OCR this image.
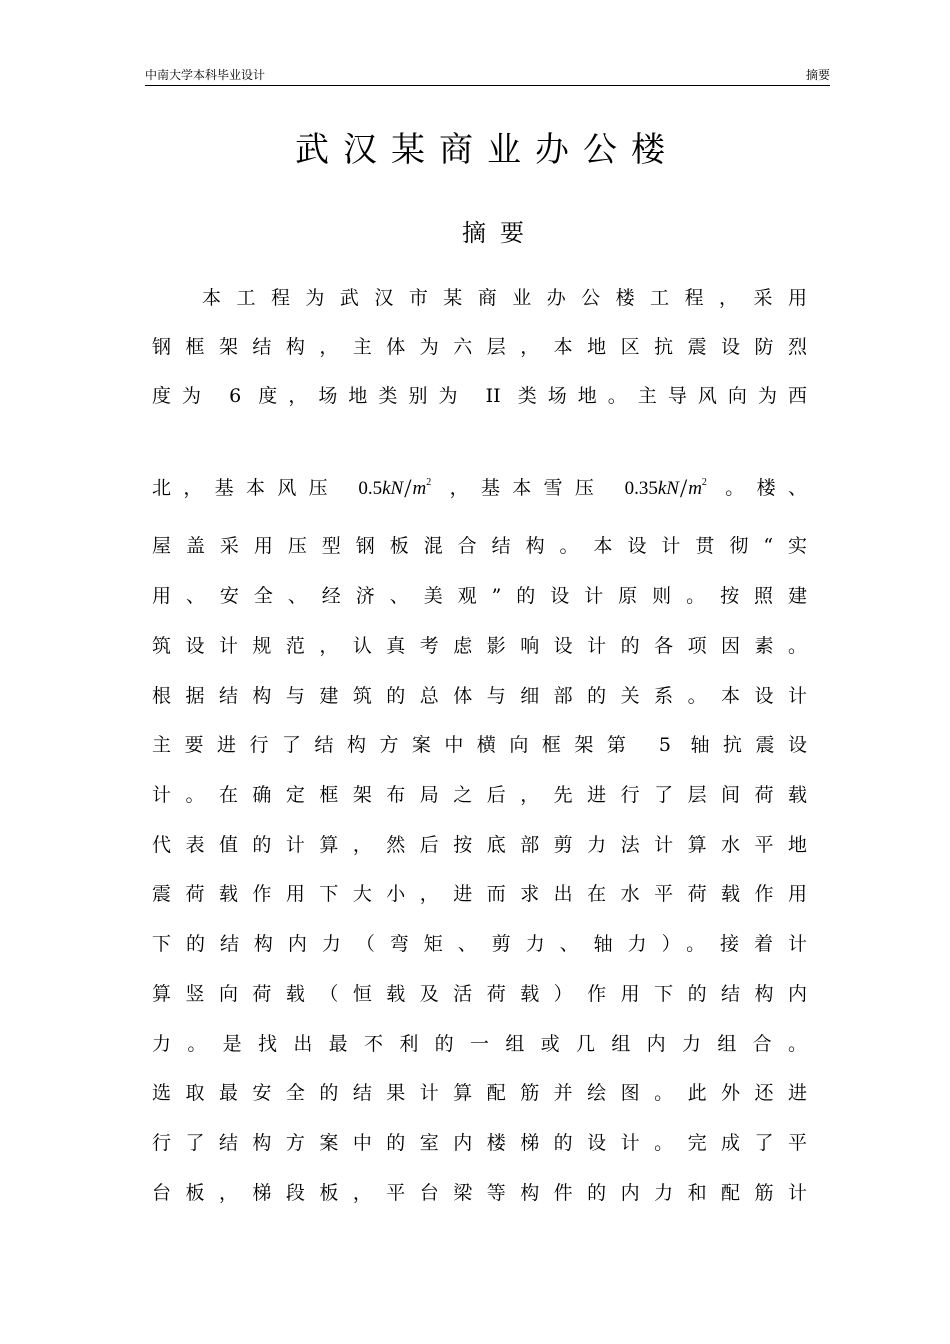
中南大学本科毕业设计	摘要
武汉某商业办公楼
摘要
本工程为武汉市某商业办公楼工程，采用
钢框架结构，主体为六层，本地区抗震设防烈
度为 6 度，场地类别为 II 类场地。主导风向为西
北，基本风压 $0.5kN/m^2$ ，基本雪压 $0.35kN/m^2$ 。楼、
屋盖采用压型钢板混合结构。本设计贯彻“实
用、安全、经济、美观”的设计原则。按照建
筑设计规范，认真考虑影响设计的各项因素。
根据结构与建筑的总体与细部的关系。本设计
主要进行了结构方案中横向框架第 5 轴抗震设
计。在确定框架布局之后，先进行了层间荷载
代表值的计算，然后按底部剪力法计算水平地
震荷载作用下大小，进而求出在水平荷载作用
下的结构内力（弯矩、剪力、轴力）。接着计
算竖向荷载（恒载及活荷载）作用下的结构内
力。是找出最不利的一组或几组内力组合。
选取最安全的结果计算配筋并绘图。此外还进
行了结构方案中的室内楼梯的设计。完成了平
台板，梯段板，平台梁等构件的内力和配筋计
